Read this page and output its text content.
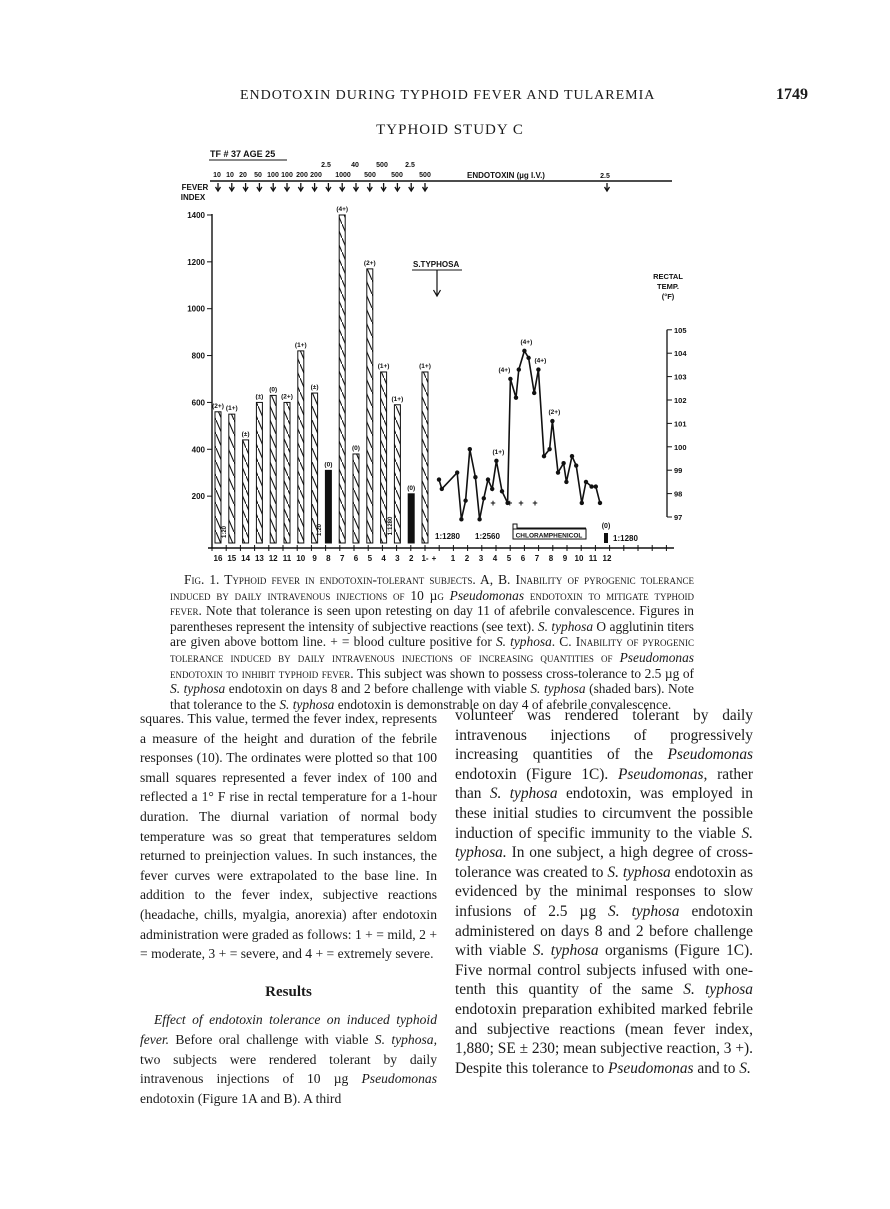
ENDOTOXIN DURING TYPHOID FEVER AND TULAREMIA	1749
TYPHOID STUDY C
TF # 37 AGE 25
10 10 20 50 100 100 200 200 1000 500 500 500
2.5	40 500 2.5
ENDOTOXIN (µg I.V.)	2.5
FEVER
INDEX
1400
1200
1000
800
600
400
200
(2+) (1+)
(±)
(±)
(0)
(2+)
(1+)
(±)
(0)
(4+)
(0)
(2+)
(1+)
(1+)
(0)
(1+)
1:20	1:20	1:1280
16 15 14 13 12 11 10 9 8 7 6 5 4 3 2 1- + 1 2 3 4 5 6 7 8 9 10 11 12
S.TYPHOSA
RECTAL
TEMP.
(°F)
105
104
103
102
101
100
99
98
97
(1+)
(4+)
(4+)
(4+)
(2+)
+ + + +
1:1280 1:2560 CHLORAMPHENICOL
(0)
1:1280
Fig. 1. Typhoid fever in endotoxin-tolerant subjects. A, B. Inability of pyrogenic tolerance induced by daily intravenous injections of 10 µg Pseudomonas endotoxin to mitigate typhoid fever. Note that tolerance is seen upon retesting on day 11 of afebrile convalescence. Figures in parentheses represent the intensity of subjective reactions (see text). S. typhosa O agglutinin titers are given above bottom line. + = blood culture positive for S. typhosa. C. Inability of pyrogenic tolerance induced by daily intravenous injections of increasing quantities of Pseudomonas endotoxin to inhibit typhoid fever. This subject was shown to possess cross-tolerance to 2.5 µg of S. typhosa endotoxin on days 8 and 2 before challenge with viable S. typhosa (shaded bars). Note that tolerance to the S. typhosa endotoxin is demonstrable on day 4 of afebrile convalescence.

squares. This value, termed the fever index, represents a measure of the height and duration of the febrile responses (10). The ordinates were plotted so that 100 small squares represented a fever index of 100 and reflected a 1° F rise in rectal temperature for a 1-hour duration. The diurnal variation of normal body temperature was so great that temperatures seldom returned to preinjection values. In such instances, the fever curves were extrapolated to the base line. In addition to the fever index, subjective reactions (headache, chills, myalgia, anorexia) after endotoxin administration were graded as follows: 1 + = mild, 2 + = moderate, 3 + = severe, and 4 + = extremely severe.

Results

Effect of endotoxin tolerance on induced typhoid fever. Before oral challenge with viable S. typhosa, two subjects were rendered tolerant by daily intravenous injections of 10 µg Pseudomonas endotoxin (Figure 1A and B). A third

volunteer was rendered tolerant by daily intravenous injections of progressively increasing quantities of the Pseudomonas endotoxin (Figure 1C). Pseudomonas, rather than S. typhosa endotoxin, was employed in these initial studies to circumvent the possible induction of specific immunity to the viable S. typhosa. In one subject, a high degree of cross-tolerance was created to S. typhosa endotoxin as evidenced by the minimal responses to slow infusions of 2.5 µg S. typhosa endotoxin administered on days 8 and 2 before challenge with viable S. typhosa organisms (Figure 1C). Five normal control subjects infused with one-tenth this quantity of the same S. typhosa endotoxin preparation exhibited marked febrile and subjective reactions (mean fever index, 1,880; SE ± 230; mean subjective reaction, 3 +). Despite this tolerance to Pseudomonas and to S.
